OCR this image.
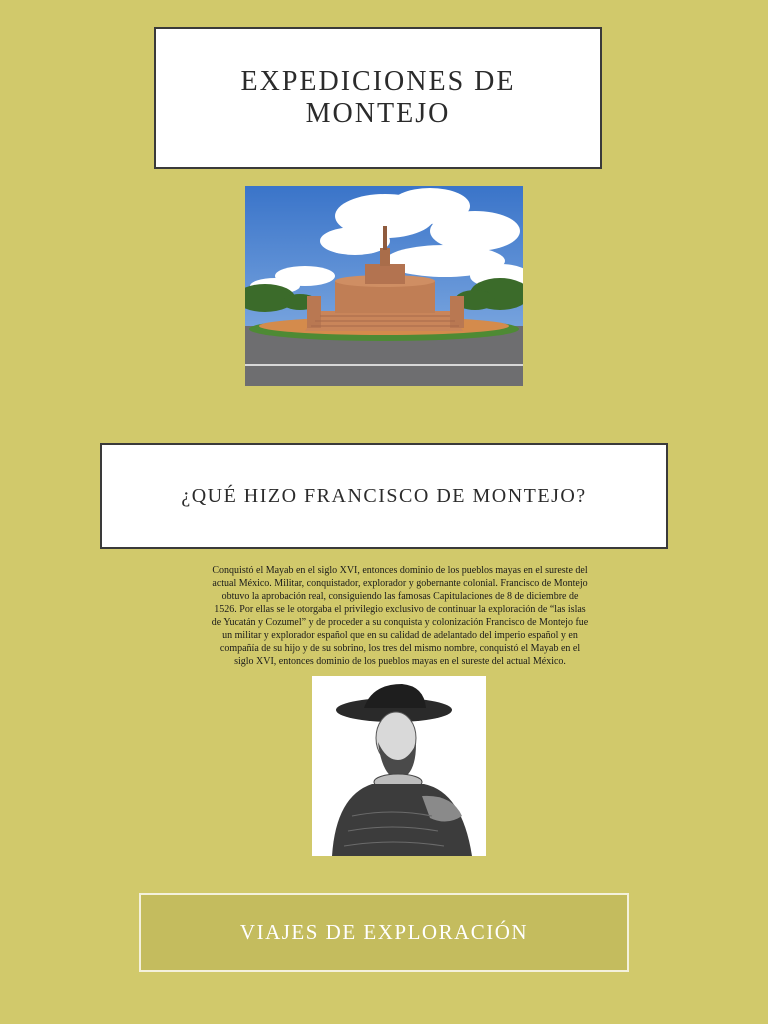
EXPEDICIONES DE MONTEJO
¿QUÉ HIZO FRANCISCO DE MONTEJO?

Conquistó el Mayab en el siglo XVI, entonces dominio de los pueblos mayas en el sureste del actual México. Militar, conquistador, explorador y gobernante colonial. Francisco de Montejo obtuvo la aprobación real, consiguiendo las famosas Capitulaciones de 8 de diciembre de 1526. Por ellas se le otorgaba el privilegio exclusivo de continuar la exploración de “las islas de Yucatán y Cozumel” y de proceder a su conquista y colonización Francisco de Montejo fue un militar y explorador español que en su calidad de adelantado del imperio español y en compañía de su hijo y de su sobrino, los tres del mismo nombre, conquistó el Mayab en el siglo XVI, entonces dominio de los pueblos mayas en el sureste del actual México.

VIAJES DE EXPLORACIÓN
